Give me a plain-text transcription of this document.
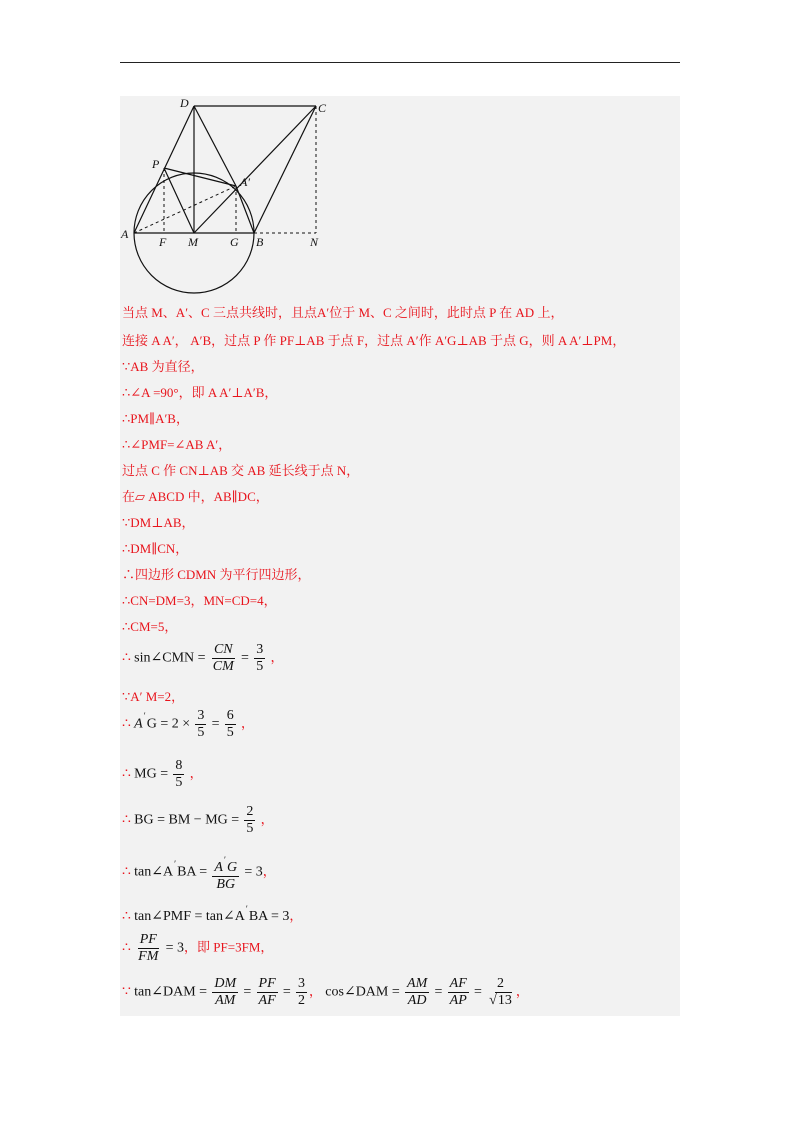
D	C
P
A′
A
F M	G B	N
当点 M、A′、C 三点共线时，且点A′位于 M、C 之间时，此时点 P 在 AD 上，
连接 A A′， A′B，过点 P 作 PF⊥AB 于点 F，过点 A′作 A′G⊥AB 于点 G，则 A A′⊥PM，
∵AB 为直径，
∴∠A =90°，即 A A′⊥A′B，
∴PM∥A′B，
∴∠PMF=∠AB A′，
过点 C 作 CN⊥AB 交 AB 延长线于点 N，
在▱ ABCD 中，AB∥DC，
∵DM⊥AB，
∴DM∥CN，
∴四边形 CDMN 为平行四边形，
∴CN=DM=3，MN=CD=4，
∴CM=5，
∴ sin∠CMN = $\frac{CN}{CM} = \frac{3}{5}$ ，
∵A′ M=2，
∴ $A'G = 2 \times \frac{3}{5} = \frac{6}{5}$ ，
∴ MG = $\frac{8}{5}$ ，
∴ BG = BM − MG = $\frac{2}{5}$ ，
∴ tan∠A′BA = $\frac{A'G}{BG} = 3$，
∴ tan∠PMF = tan∠A′BA = 3，
∴ $\frac{PF}{FM} = 3$，即 PF=3FM，
∵ tan∠DAM = $\frac{DM}{AM} = \frac{PF}{AF} = \frac{3}{2}$ ， cos∠DAM = $\frac{AM}{AD} = \frac{AF}{AP} = \frac{2}{√13}$ ，
